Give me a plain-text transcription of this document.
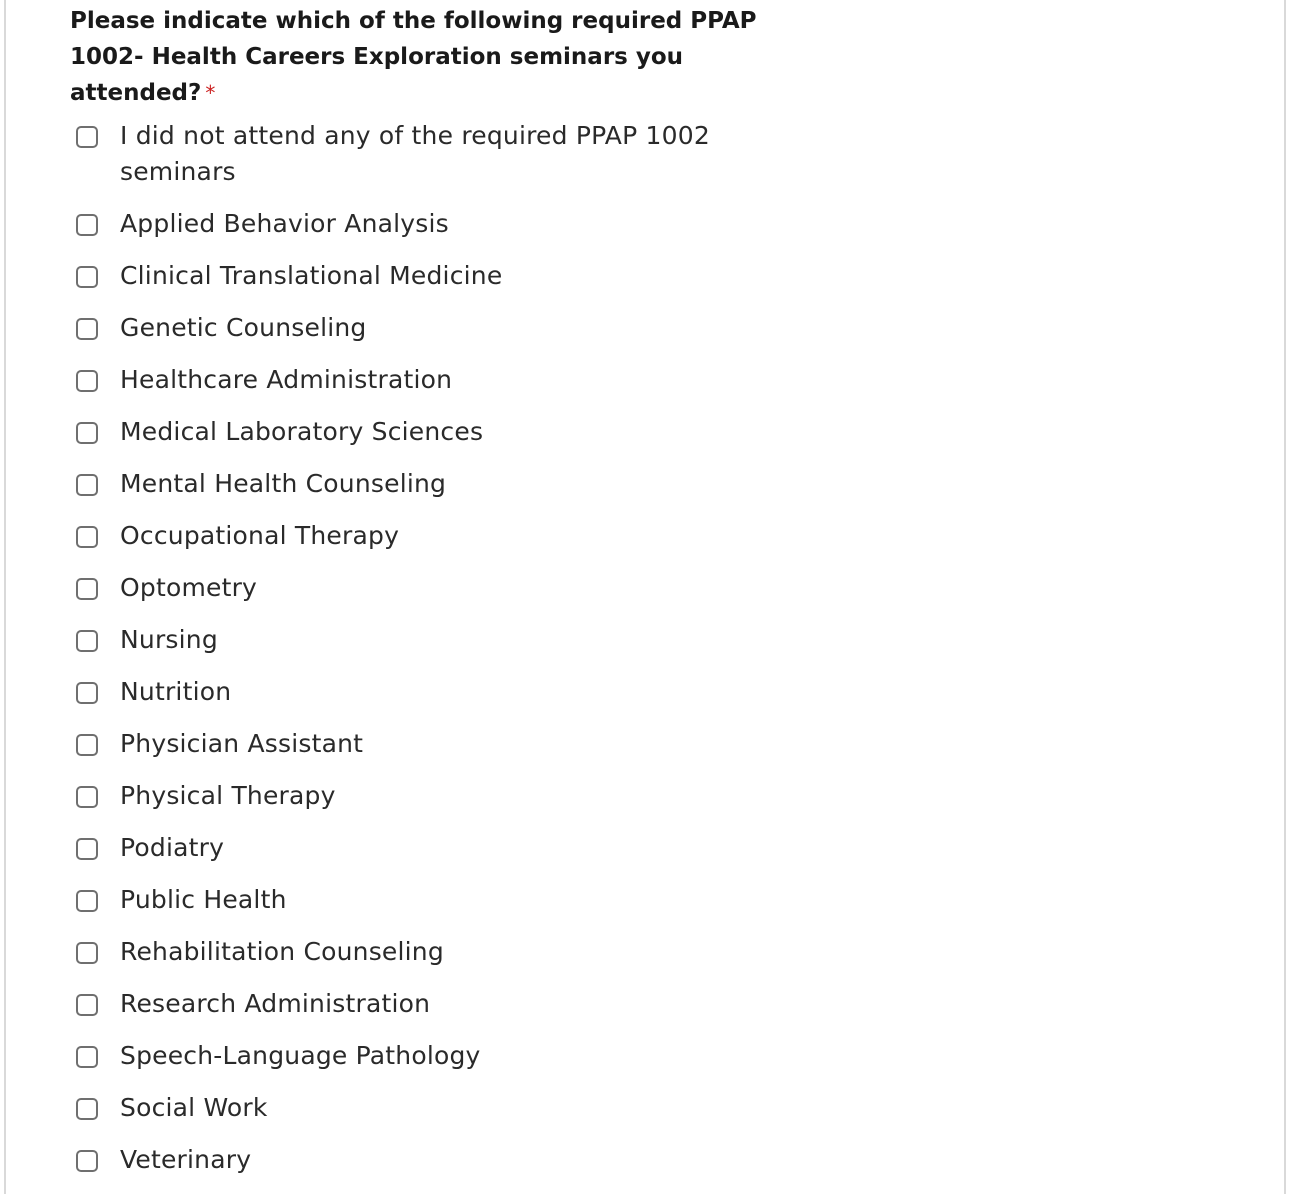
Please indicate which of the following required PPAP 1002- Health Careers Exploration seminars you attended? *
I did not attend any of the required PPAP 1002 seminars
Applied Behavior Analysis
Clinical Translational Medicine
Genetic Counseling
Healthcare Administration
Medical Laboratory Sciences
Mental Health Counseling
Occupational Therapy
Optometry
Nursing
Nutrition
Physician Assistant
Physical Therapy
Podiatry
Public Health
Rehabilitation Counseling
Research Administration
Speech-Language Pathology
Social Work
Veterinary
